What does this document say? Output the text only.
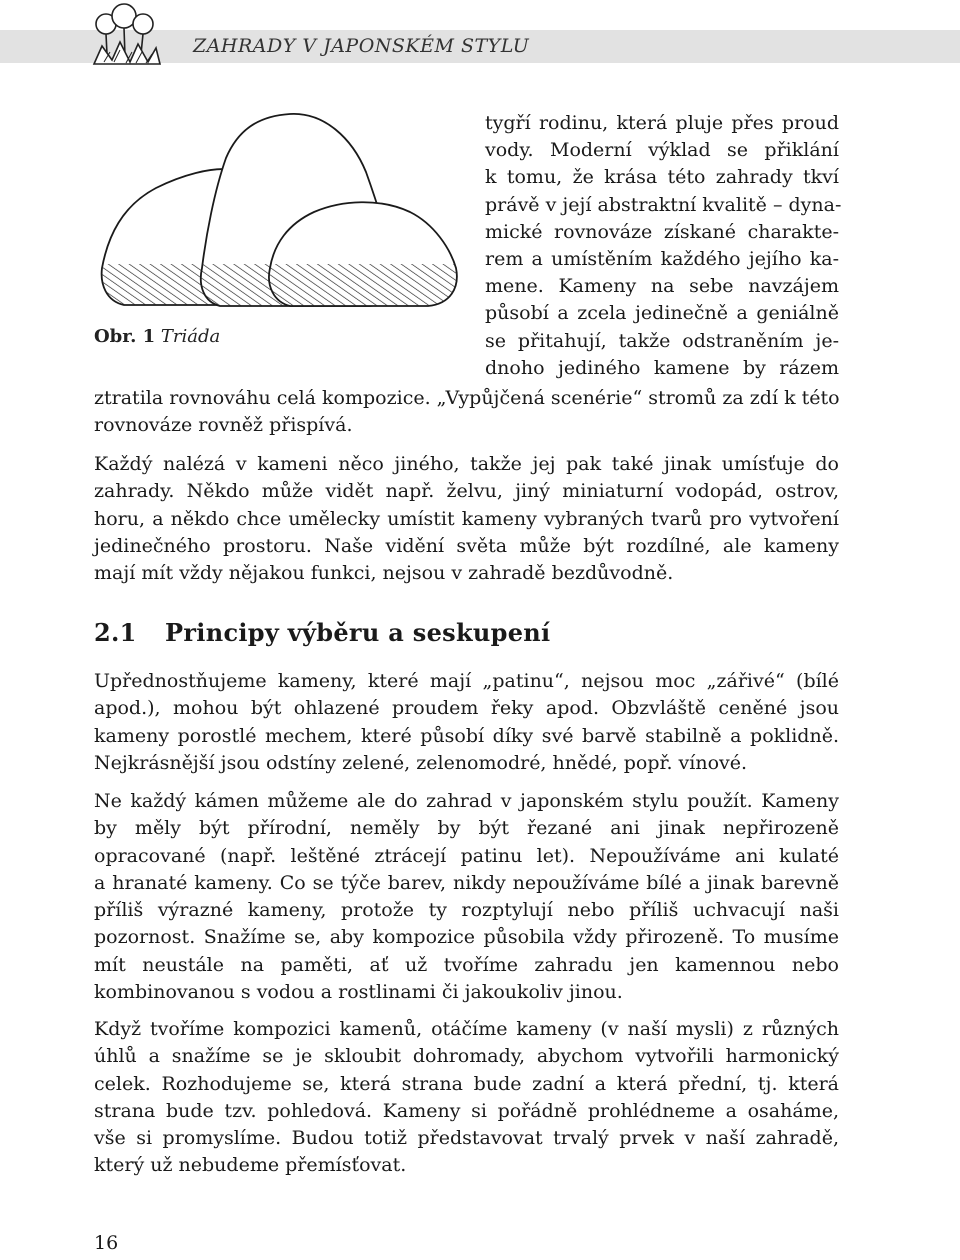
ZAHRADY V JAPONSKÉM STYLU
Obr. 1 Triáda

tygří rodinu, která pluje přes proud
vody. Moderní výklad se přiklání
k tomu, že krása této zahrady tkví
právě v její abstraktní kvalitě – dyna-
mické rovnováze získané charakte-
rem a umístěním každého jejího ka-
mene. Kameny na sebe navzájem
působí a zcela jedinečně a geniálně
se přitahují, takže odstraněním je-
dnoho jediného kamene by rázem

ztratila rovnováhu celá kompozice. „Vypůjčená scenérie“ stromů za zdí k této
rovnováze rovněž přispívá.

Každý nalézá v kameni něco jiného, takže jej pak také jinak umísťuje do
zahrady. Někdo může vidět např. želvu, jiný miniaturní vodopád, ostrov,
horu, a někdo chce umělecky umístit kameny vybraných tvarů pro vytvoření
jedinečného prostoru. Naše vidění světa může být rozdílné, ale kameny
mají mít vždy nějakou funkci, nejsou v zahradě bezdůvodně.

2.1 Principy výběru a seskupení

Upřednostňujeme kameny, které mají „patinu“, nejsou moc „zářivé“ (bílé
apod.), mohou být ohlazené proudem řeky apod. Obzvláště ceněné jsou
kameny porostlé mechem, které působí díky své barvě stabilně a poklidně.
Nejkrásnější jsou odstíny zelené, zelenomodré, hnědé, popř. vínové.

Ne každý kámen můžeme ale do zahrad v japonském stylu použít. Kameny
by měly být přírodní, neměly by být řezané ani jinak nepřirozeně
opracované (např. leštěné ztrácejí patinu let). Nepoužíváme ani kulaté
a hranaté kameny. Co se týče barev, nikdy nepoužíváme bílé a jinak barevně
příliš výrazné kameny, protože ty rozptylují nebo příliš uchvacují naši
pozornost. Snažíme se, aby kompozice působila vždy přirozeně. To musíme
mít neustále na paměti, ať už tvoříme zahradu jen kamennou nebo
kombinovanou s vodou a rostlinami či jakoukoliv jinou.

Když tvoříme kompozici kamenů, otáčíme kameny (v naší mysli) z různých
úhlů a snažíme se je skloubit dohromady, abychom vytvořili harmonický
celek. Rozhodujeme se, která strana bude zadní a která přední, tj. která
strana bude tzv. pohledová. Kameny si pořádně prohlédneme a osaháme,
vše si promyslíme. Budou totiž představovat trvalý prvek v naší zahradě,
který už nebudeme přemísťovat.

16
